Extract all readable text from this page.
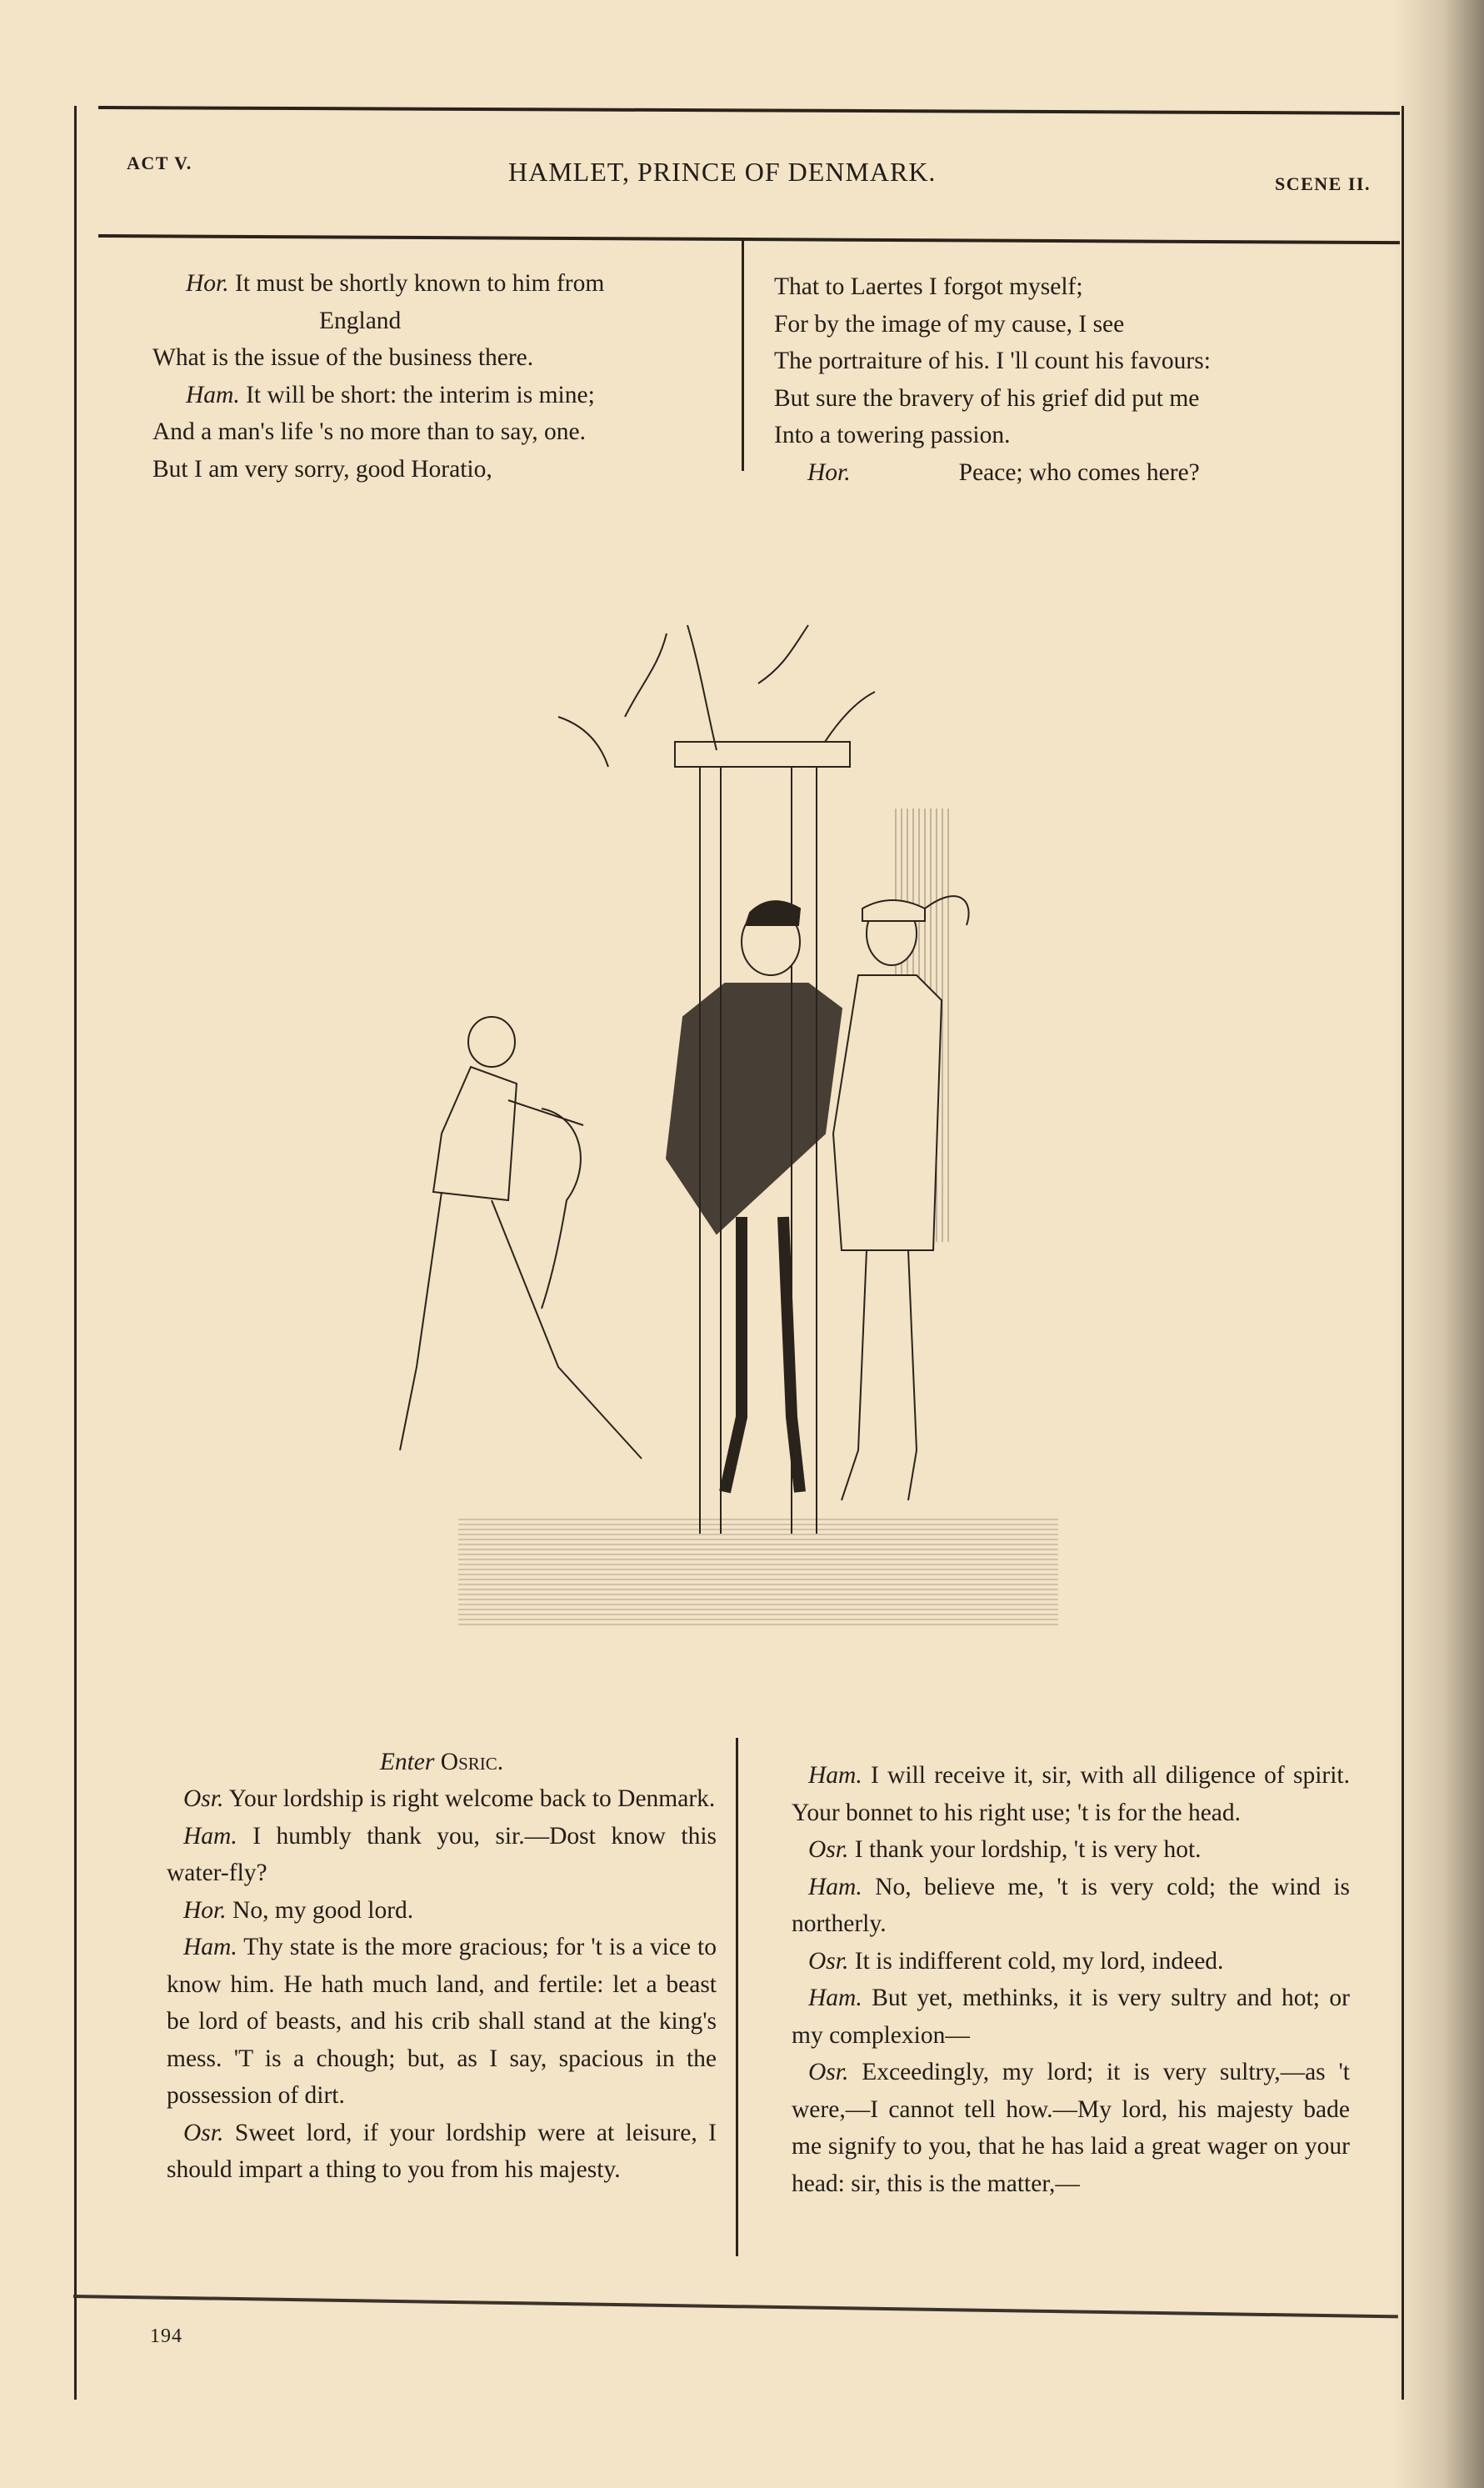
ACT V.	HAMLET, PRINCE OF DENMARK.	SCENE II.

Hor. It must be shortly known to him from

England

What is the issue of the business there.

Ham. It will be short: the interim is mine;

And a man's life 's no more than to say, one.

But I am very sorry, good Horatio,

That to Laertes I forgot myself;

For by the image of my cause, I see

The portraiture of his. I 'll count his favours:

But sure the bravery of his grief did put me

Into a towering passion.

Hor.	Peace; who comes here?

Enter Osric.

Osr. Your lordship is right welcome back to Denmark.

Ham. I humbly thank you, sir.—Dost know this water-fly?

Hor. No, my good lord.

Ham. Thy state is the more gracious; for 't is a vice to know him. He hath much land, and fertile: let a beast be lord of beasts, and his crib shall stand at the king's mess. 'T is a chough; but, as I say, spacious in the possession of dirt.

Osr. Sweet lord, if your lordship were at leisure, I should impart a thing to you from his majesty.

Ham. I will receive it, sir, with all diligence of spirit. Your bonnet to his right use; 't is for the head.

Osr. I thank your lordship, 't is very hot.

Ham. No, believe me, 't is very cold; the wind is northerly.

Osr. It is indifferent cold, my lord, indeed.

Ham. But yet, methinks, it is very sultry and hot; or my complexion—

Osr. Exceedingly, my lord; it is very sultry,—as 't were,—I cannot tell how.—My lord, his majesty bade me signify to you, that he has laid a great wager on your head: sir, this is the matter,—

194
